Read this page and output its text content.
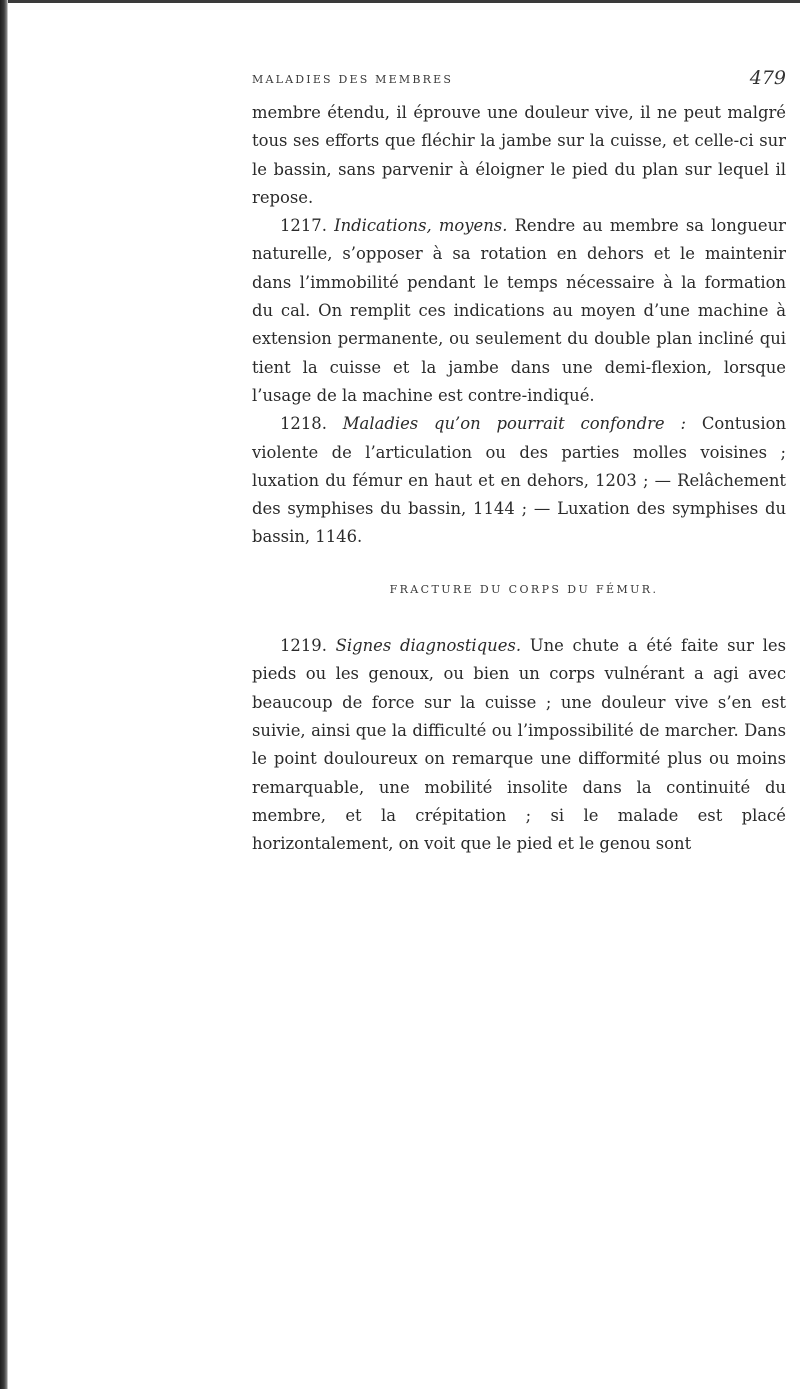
MALADIES DES MEMBRES	479

membre étendu, il éprouve une douleur vive, il ne peut malgré tous ses efforts que fléchir la jambe sur la cuisse, et celle-ci sur le bassin, sans parvenir à éloigner le pied du plan sur lequel il repose.

1217. Indications, moyens. Rendre au membre sa longueur naturelle, s’opposer à sa rotation en dehors et le maintenir dans l’immobilité pendant le temps nécessaire à la formation du cal. On remplit ces indications au moyen d’une machine à extension permanente, ou seulement du double plan incliné qui tient la cuisse et la jambe dans une demi-flexion, lorsque l’usage de la machine est contre-indiqué.

1218. Maladies qu’on pourrait confondre : Contusion violente de l’articulation ou des parties molles voisines ; luxation du fémur en haut et en dehors, 1203 ; — Relâchement des symphises du bassin, 1144 ; — Luxation des symphises du bassin, 1146.

FRACTURE DU CORPS DU FÉMUR.

1219. Signes diagnostiques. Une chute a été faite sur les pieds ou les genoux, ou bien un corps vulnérant a agi avec beaucoup de force sur la cuisse ; une douleur vive s’en est suivie, ainsi que la difficulté ou l’impossibilité de marcher. Dans le point douloureux on remarque une difformité plus ou moins remarquable, une mobilité insolite dans la continuité du membre, et la crépitation ; si le malade est placé horizontalement, on voit que le pied et le genou sont
